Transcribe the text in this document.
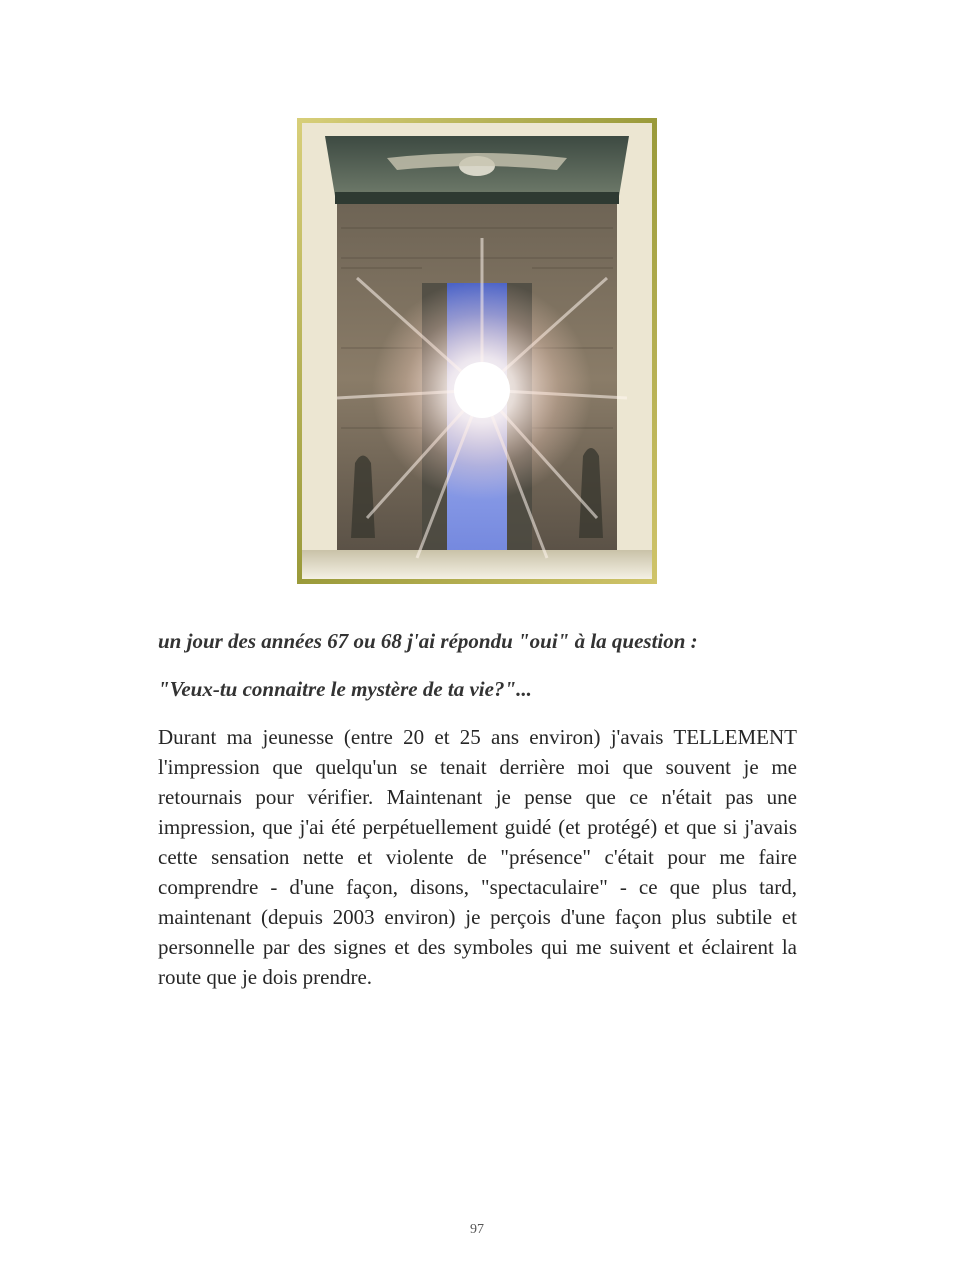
un jour des années 67 ou 68 j'ai répondu "oui" à la question :

"Veux-tu connaitre le mystère de ta vie?"...

Durant ma jeunesse (entre 20 et 25 ans environ) j'avais TELLEMENT l'impression que quelqu'un se tenait derrière moi que souvent je me retournais pour vérifier. Maintenant je pense que ce n'était pas une impression, que j'ai été perpétuellement guidé (et protégé) et que si j'avais cette sensation nette et violente de "présence" c'était pour me faire comprendre - d'une façon, disons, "spectaculaire" - ce que plus tard, maintenant (depuis 2003 environ) je perçois d'une façon plus subtile et personnelle par des signes et des symboles qui me suivent et éclairent la route que je dois prendre.

97
